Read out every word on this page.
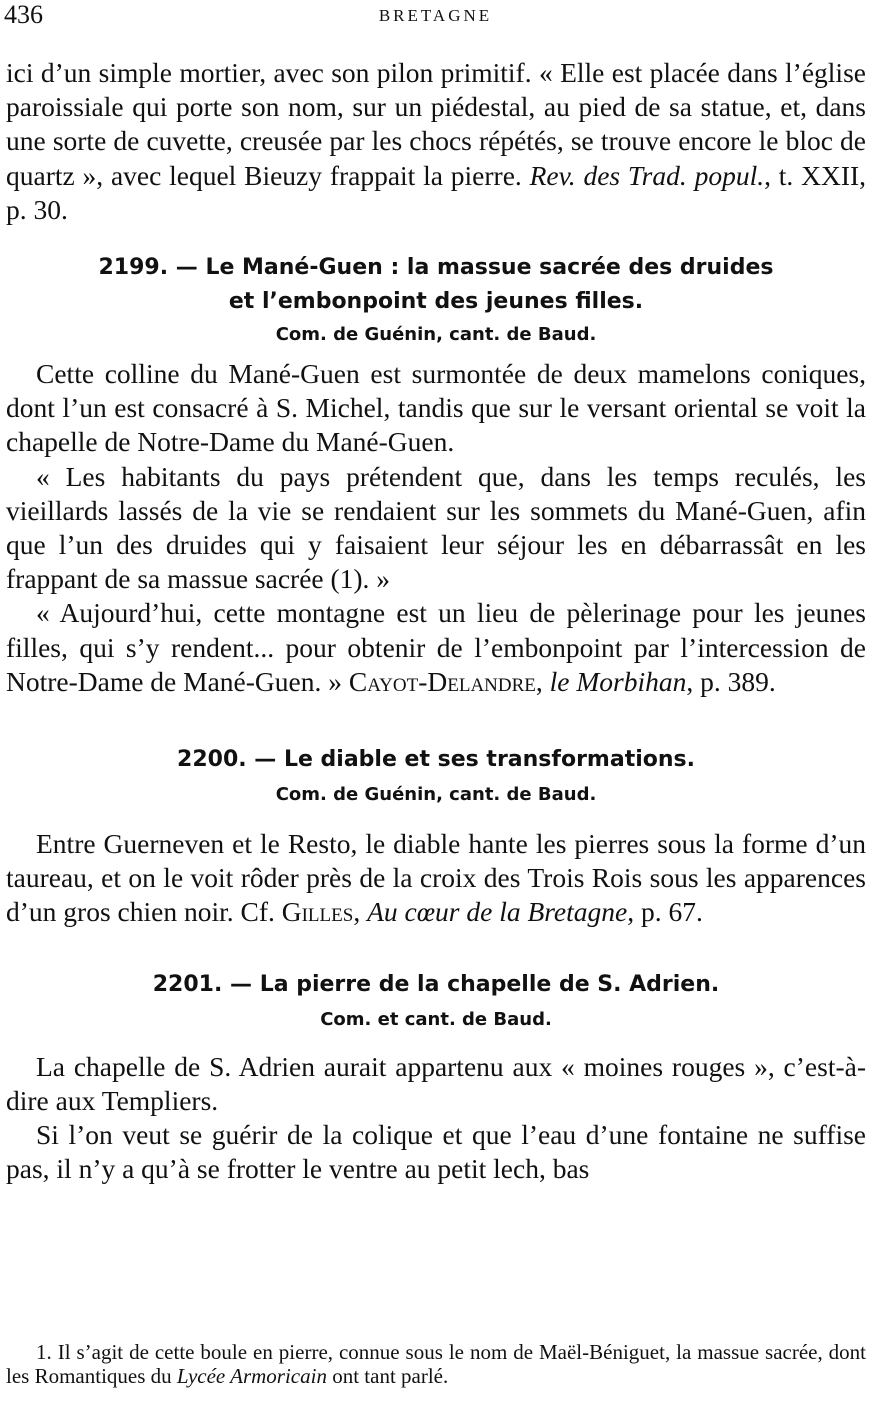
436	BRETAGNE

ici d’un simple mortier, avec son pilon primitif. « Elle est placée dans l’église paroissiale qui porte son nom, sur un piédestal, au pied de sa statue, et, dans une sorte de cuvette, creusée par les chocs répétés, se trouve encore le bloc de quartz », avec lequel Bieuzy frappait la pierre. Rev. des Trad. popul., t. XXII, p. 30.

2199. — Le Mané-Guen : la massue sacrée des druides
et l’embonpoint des jeunes filles.
Com. de Guénin, cant. de Baud.

Cette colline du Mané-Guen est surmontée de deux mamelons coniques, dont l’un est consacré à S. Michel, tandis que sur le versant oriental se voit la chapelle de Notre-Dame du Mané-Guen.

« Les habitants du pays prétendent que, dans les temps reculés, les vieillards lassés de la vie se rendaient sur les sommets du Mané-Guen, afin que l’un des druides qui y faisaient leur séjour les en débarrassât en les frappant de sa massue sacrée (1). »

« Aujourd’hui, cette montagne est un lieu de pèlerinage pour les jeunes filles, qui s’y rendent... pour obtenir de l’embonpoint par l’intercession de Notre-Dame de Mané-Guen. » Cayot-Delandre, le Morbihan, p. 389.

2200. — Le diable et ses transformations.
Com. de Guénin, cant. de Baud.

Entre Guerneven et le Resto, le diable hante les pierres sous la forme d’un taureau, et on le voit rôder près de la croix des Trois Rois sous les apparences d’un gros chien noir. Cf. Gilles, Au cœur de la Bretagne, p. 67.

2201. — La pierre de la chapelle de S. Adrien.
Com. et cant. de Baud.

La chapelle de S. Adrien aurait appartenu aux « moines rouges », c’est-à-dire aux Templiers.

Si l’on veut se guérir de la colique et que l’eau d’une fontaine ne suffise pas, il n’y a qu’à se frotter le ventre au petit lech, bas

1. Il s’agit de cette boule en pierre, connue sous le nom de Maël-Béniguet, la massue sacrée, dont les Romantiques du Lycée Armoricain ont tant parlé.
